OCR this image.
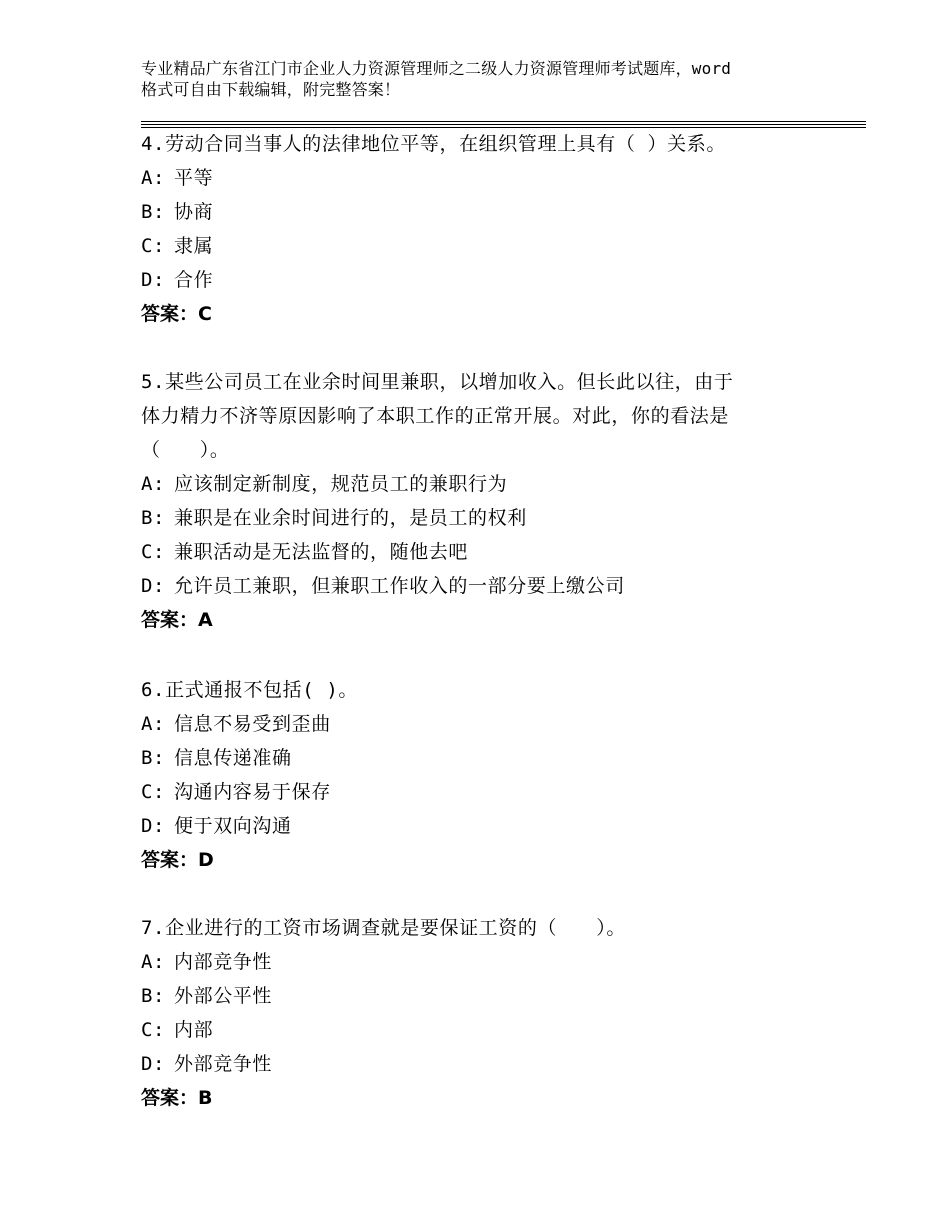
专业精品广东省江门市企业人力资源管理师之二级人力资源管理师考试题库，word
格式可自由下载编辑，附完整答案！

4.劳动合同当事人的法律地位平等，在组织管理上具有（ ）关系。

A: 平等

B: 协商

C: 隶属

D: 合作

答案：C

5.某些公司员工在业余时间里兼职，以增加收入。但长此以往，由于

体力精力不济等原因影响了本职工作的正常开展。对此，你的看法是

（　　）。

A: 应该制定新制度，规范员工的兼职行为

B: 兼职是在业余时间进行的，是员工的权利

C: 兼职活动是无法监督的，随他去吧

D: 允许员工兼职，但兼职工作收入的一部分要上缴公司

答案：A

6.正式通报不包括( )。

A: 信息不易受到歪曲

B: 信息传递准确

C: 沟通内容易于保存

D: 便于双向沟通

答案：D

7.企业进行的工资市场调查就是要保证工资的（　　）。

A: 内部竞争性

B: 外部公平性

C: 内部

D: 外部竞争性

答案：B
